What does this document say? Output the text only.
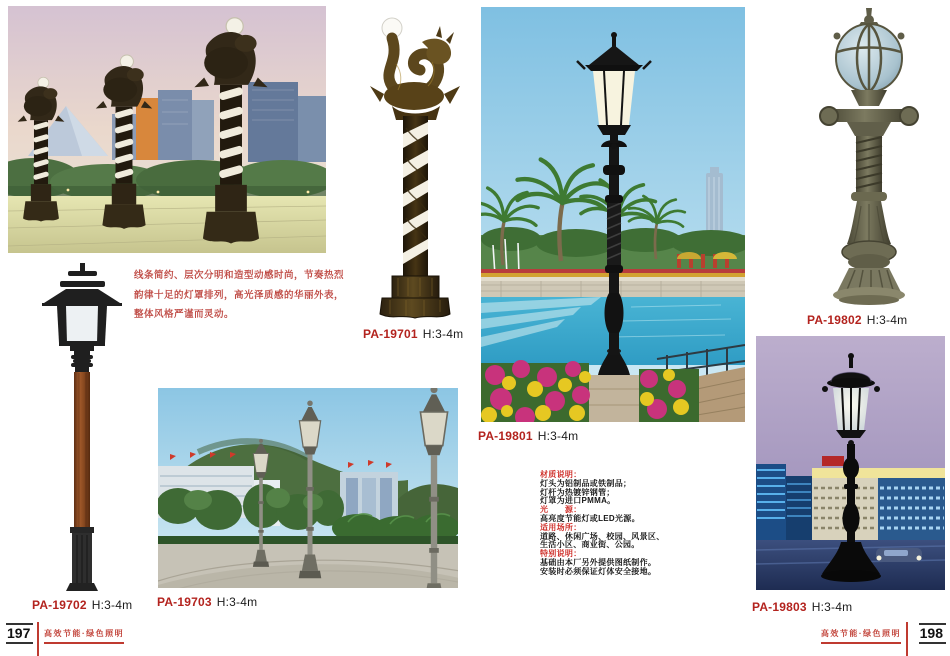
线条简约、层次分明和造型动感时尚，节奏热烈
韵律十足的灯罩排列，高光泽质感的华丽外表，
整体风格严谨而灵动。
材质说明：
灯头为铝制品或铁制品；
灯杆为热镀锌钢管；
灯罩为进口PMMA。
光　　源：
高亮度节能灯或LED光源。
适用场所：
道路、休闲广场、校园、风景区、
生活小区、商业街、公园。
特别说明：
基础由本厂另外提供图纸制作。
安装时必须保证灯体安全接地。
PA-19701 H:3-4m
PA-19702 H:3-4m PA-19703 H:3-4m
PA-19801 H:3-4m
PA-19802 H:3-4m
PA-19803 H:3-4m
197	高效节能·绿色照明	高效节能·绿色照明 198
